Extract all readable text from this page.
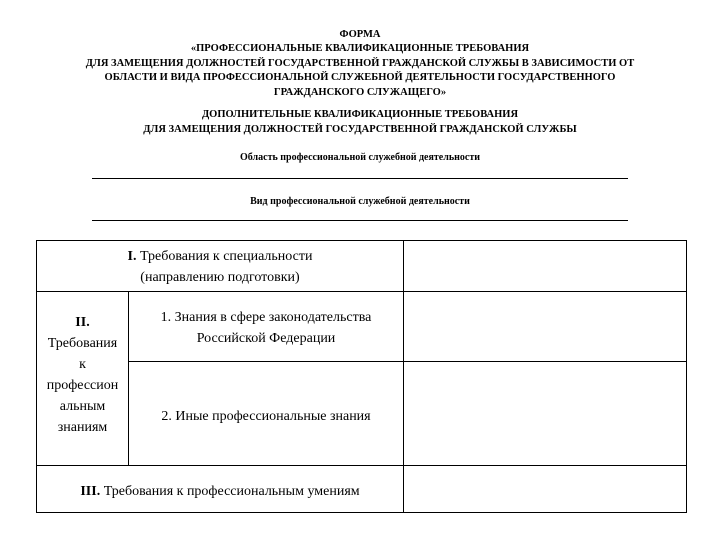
ФОРМА
«ПРОФЕССИОНАЛЬНЫЕ КВАЛИФИКАЦИОННЫЕ ТРЕБОВАНИЯ
ДЛЯ ЗАМЕЩЕНИЯ ДОЛЖНОСТЕЙ ГОСУДАРСТВЕННОЙ ГРАЖДАНСКОЙ СЛУЖБЫ В ЗАВИСИМОСТИ ОТ
ОБЛАСТИ И ВИДА ПРОФЕССИОНАЛЬНОЙ СЛУЖЕБНОЙ ДЕЯТЕЛЬНОСТИ ГОСУДАРСТВЕННОГО
ГРАЖДАНСКОГО СЛУЖАЩЕГО»
ДОПОЛНИТЕЛЬНЫЕ КВАЛИФИКАЦИОННЫЕ ТРЕБОВАНИЯ
ДЛЯ ЗАМЕЩЕНИЯ ДОЛЖНОСТЕЙ ГОСУДАРСТВЕННОЙ ГРАЖДАНСКОЙ СЛУЖБЫ
Область профессиональной служебной деятельности
Вид профессиональной служебной деятельности
I. Требования к специальности
(направлению подготовки)
II.
Требования
к
профессион
альным
знаниям
1. Знания в сфере законодательства
Российской Федерации
2. Иные профессиональные знания
III. Требования к профессиональным умениям
